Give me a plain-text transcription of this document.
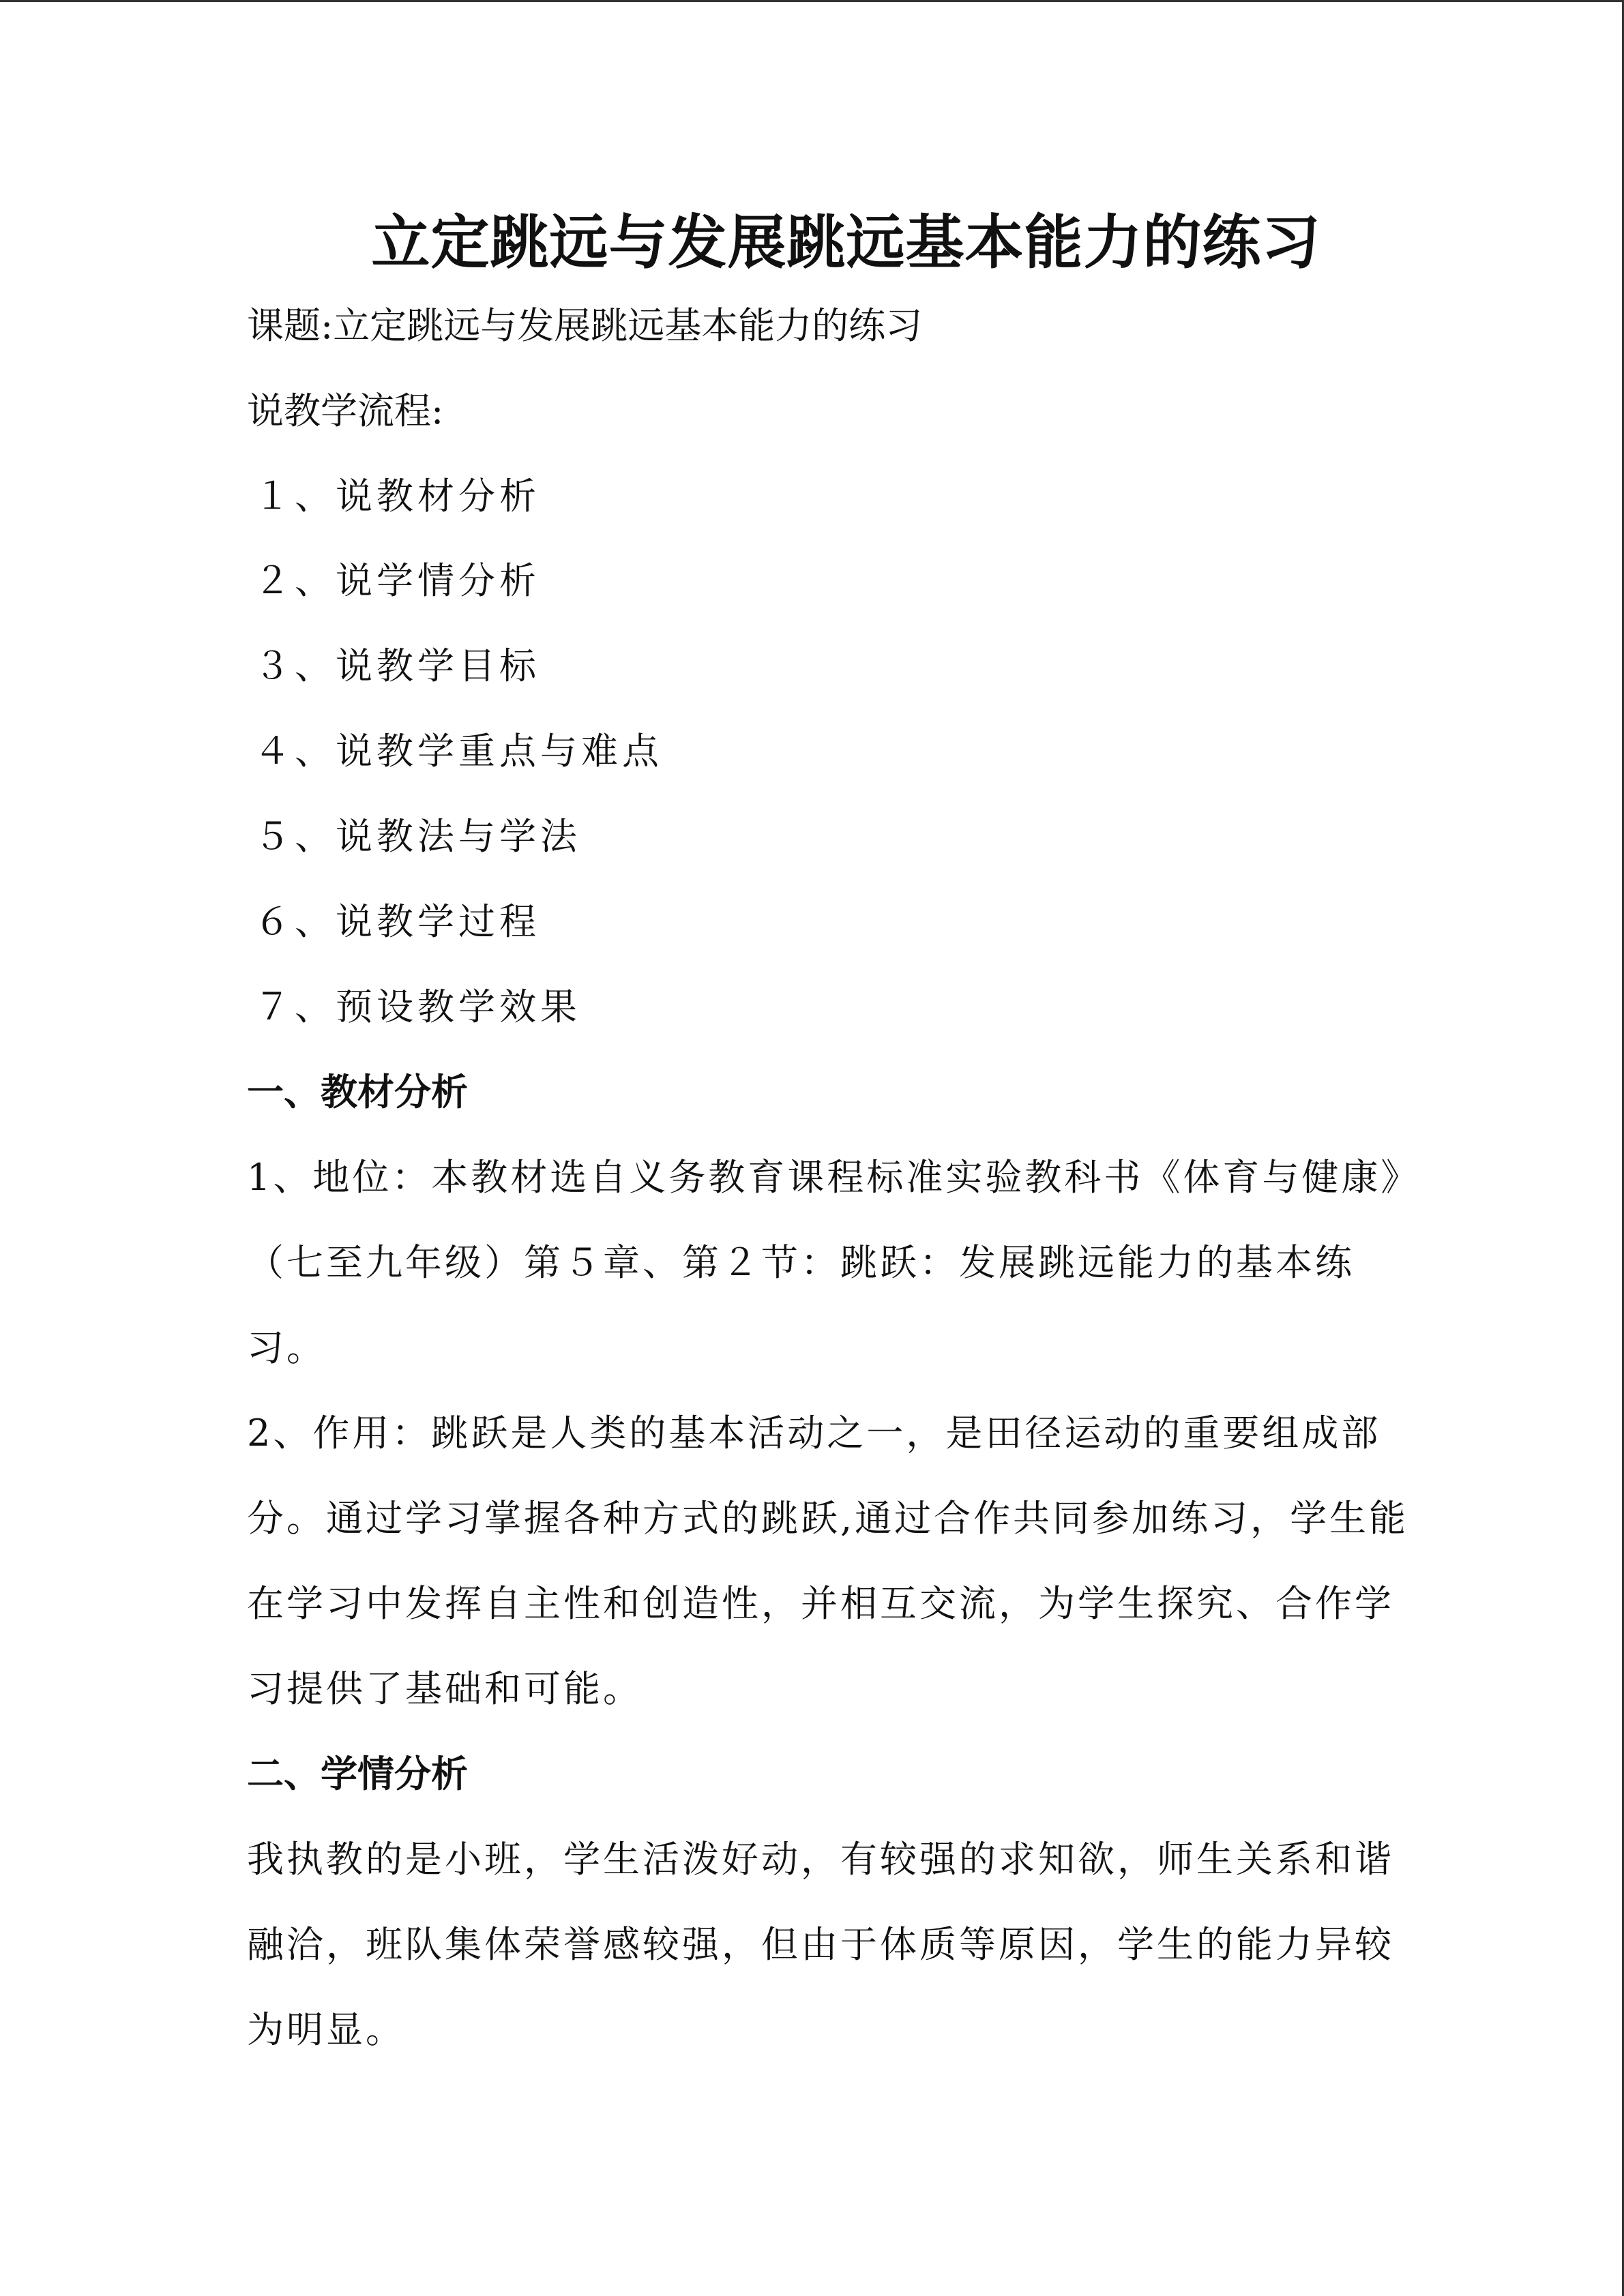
立定跳远与发展跳远基本能力的练习

课题:立定跳远与发展跳远基本能力的练习

说教学流程:

１、说教材分析

２、说学情分析

３、说教学目标

４、说教学重点与难点

５、说教法与学法

６、说教学过程

７、预设教学效果

一、教材分析

1、地位：本教材选自义务教育课程标准实验教科书《体育与健康》

（七至九年级）第５章、第２节：跳跃：发展跳远能力的基本练

习。

2、作用：跳跃是人类的基本活动之一，是田径运动的重要组成部

分。通过学习掌握各种方式的跳跃,通过合作共同参加练习，学生能

在学习中发挥自主性和创造性，并相互交流，为学生探究、合作学

习提供了基础和可能。

二、学情分析

我执教的是小班，学生活泼好动，有较强的求知欲，师生关系和谐

融洽，班队集体荣誉感较强，但由于体质等原因，学生的能力异较

为明显。
